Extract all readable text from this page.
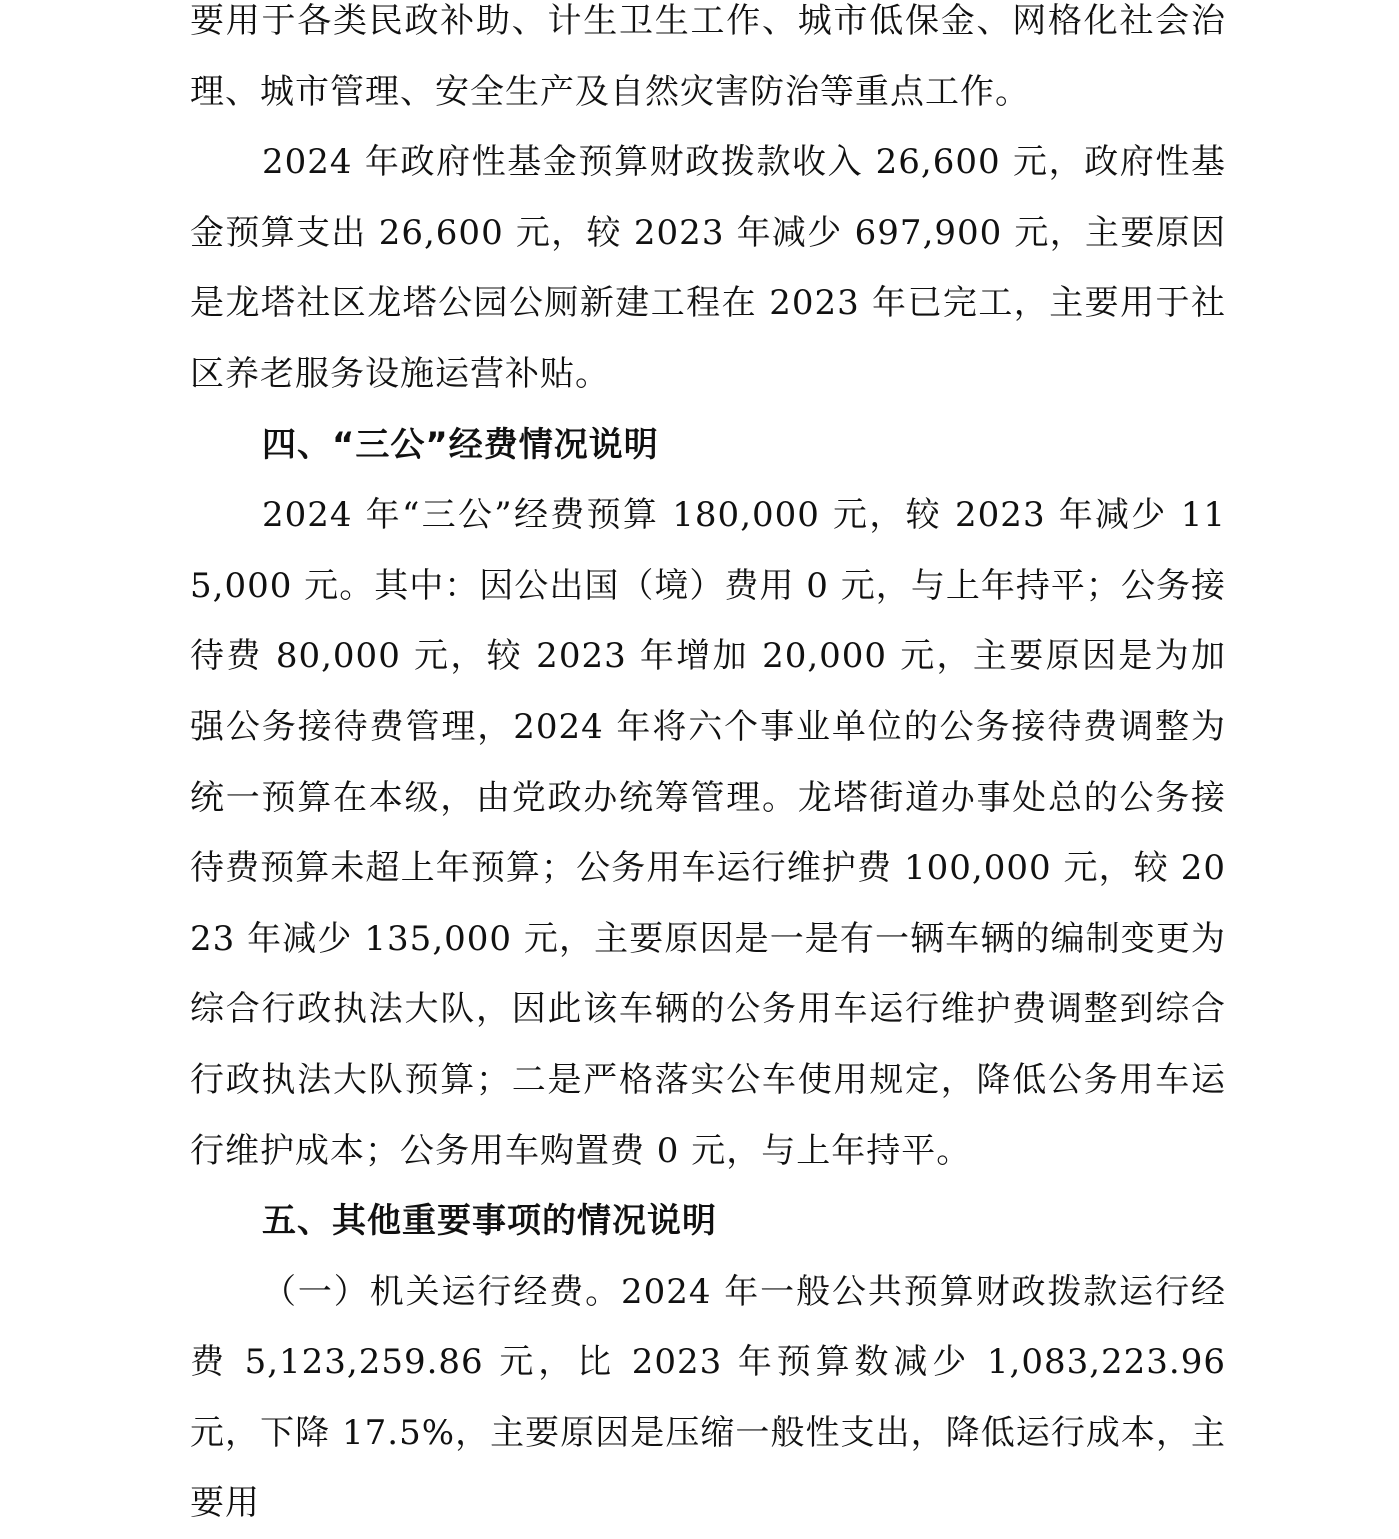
要用于各类民政补助、计生卫生工作、城市低保金、网格化社会治理、城市管理、安全生产及自然灾害防治等重点工作。

2024 年政府性基金预算财政拨款收入 26,600 元，政府性基金预算支出 26,600 元，较 2023 年减少 697,900 元，主要原因是龙塔社区龙塔公园公厕新建工程在 2023 年已完工，主要用于社区养老服务设施运营补贴。

四、“三公”经费情况说明

2024 年“三公”经费预算 180,000 元，较 2023 年减少 115,000 元。其中：因公出国（境）费用 0 元，与上年持平；公务接待费 80,000 元，较 2023 年增加 20,000 元，主要原因是为加强公务接待费管理，2024 年将六个事业单位的公务接待费调整为统一预算在本级，由党政办统筹管理。龙塔街道办事处总的公务接待费预算未超上年预算；公务用车运行维护费 100,000 元，较 2023 年减少 135,000 元，主要原因是一是有一辆车辆的编制变更为综合行政执法大队，因此该车辆的公务用车运行维护费调整到综合行政执法大队预算；二是严格落实公车使用规定，降低公务用车运行维护成本；公务用车购置费 0 元，与上年持平。

五、其他重要事项的情况说明

（一）机关运行经费。2024 年一般公共预算财政拨款运行经费 5,123,259.86 元，比 2023 年预算数减少 1,083,223.96 元，下降 17.5%，主要原因是压缩一般性支出，降低运行成本，主要用
